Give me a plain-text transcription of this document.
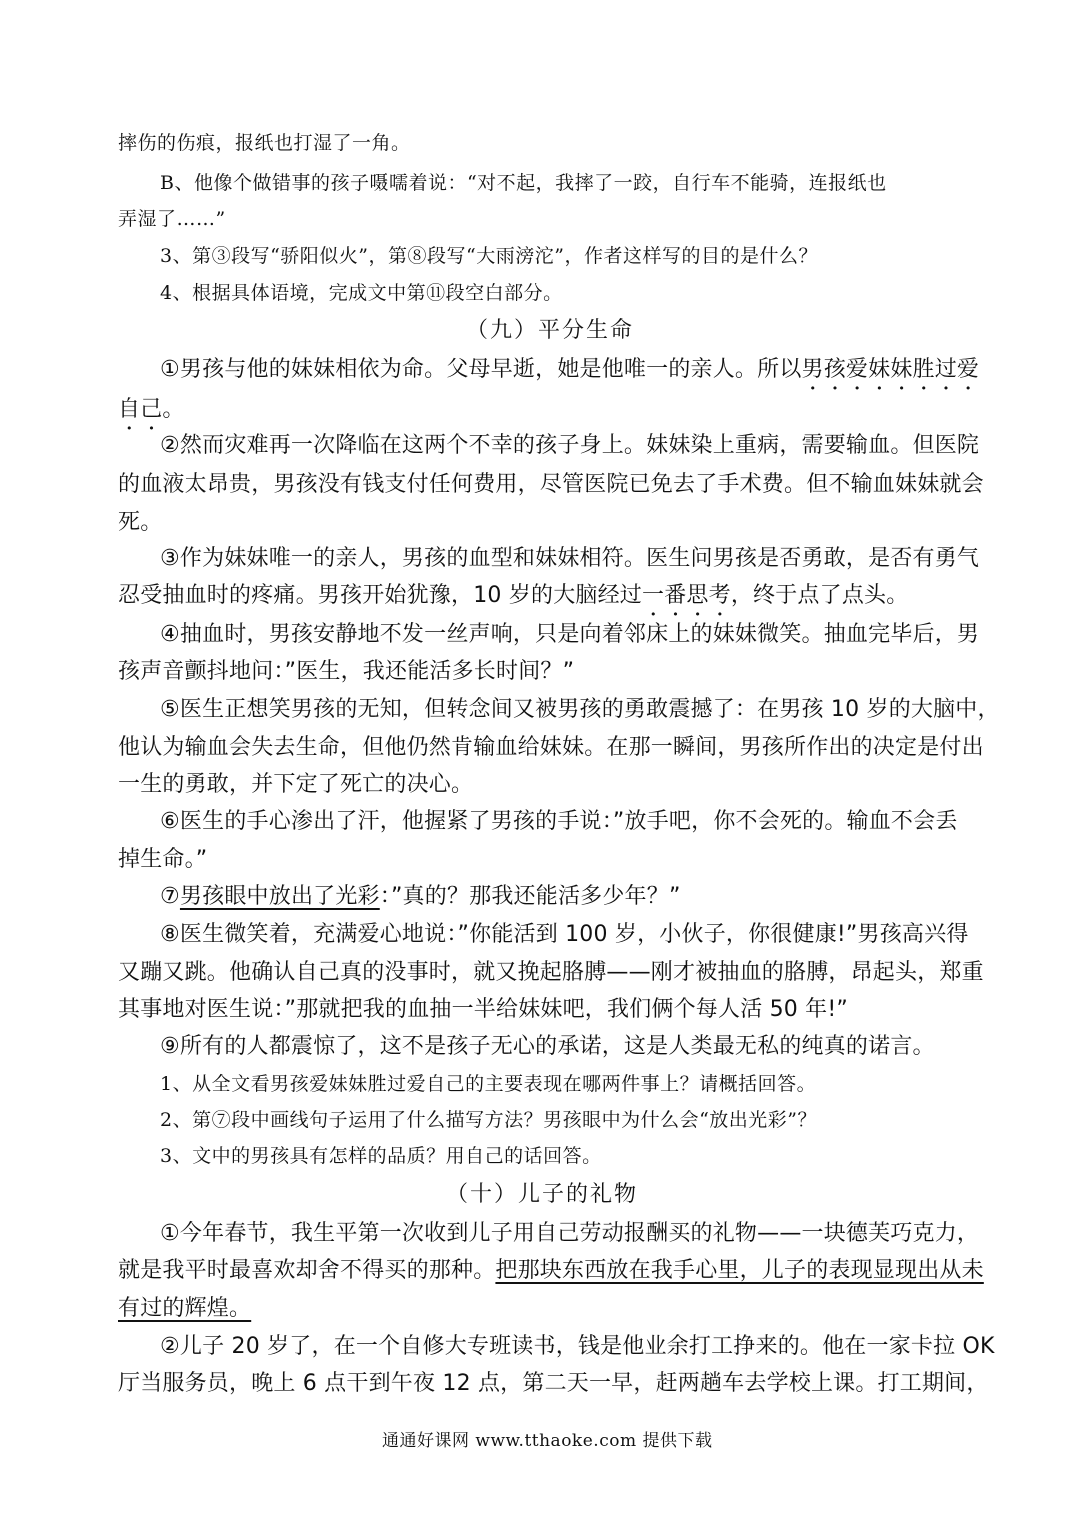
摔伤的伤痕，报纸也打湿了一角。
B、他像个做错事的孩子嗫嚅着说：“对不起，我摔了一跤，自行车不能骑，连报纸也
弄湿了……”
3、第③段写“骄阳似火”，第⑧段写“大雨滂沱”，作者这样写的目的是什么？
4、根据具体语境，完成文中第⑪段空白部分。
（九）平分生命
①男孩与他的妹妹相依为命。父母早逝，她是他唯一的亲人。所以男孩爱妹妹胜过爱
自己。
②然而灾难再一次降临在这两个不幸的孩子身上。妹妹染上重病，需要输血。但医院
的血液太昂贵，男孩没有钱支付任何费用，尽管医院已免去了手术费。但不输血妹妹就会
死。
③作为妹妹唯一的亲人，男孩的血型和妹妹相符。医生问男孩是否勇敢，是否有勇气
忍受抽血时的疼痛。男孩开始犹豫，10 岁的大脑经过一番思考，终于点了点头。
④抽血时，男孩安静地不发一丝声响，只是向着邻床上的妹妹微笑。抽血完毕后，男
孩声音颤抖地问：”医生，我还能活多长时间？”
⑤医生正想笑男孩的无知，但转念间又被男孩的勇敢震撼了：在男孩 10 岁的大脑中，
他认为输血会失去生命，但他仍然肯输血给妹妹。在那一瞬间，男孩所作出的决定是付出
一生的勇敢，并下定了死亡的决心。
⑥医生的手心渗出了汗，他握紧了男孩的手说：”放手吧，你不会死的。输血不会丢
掉生命。”
⑦男孩眼中放出了光彩：”真的？那我还能活多少年？”
⑧医生微笑着，充满爱心地说：”你能活到 100 岁，小伙子，你很健康!”男孩高兴得
又蹦又跳。他确认自己真的没事时，就又挽起胳膊——刚才被抽血的胳膊，昂起头，郑重
其事地对医生说：”那就把我的血抽一半给妹妹吧，我们俩个每人活 50 年!”
⑨所有的人都震惊了，这不是孩子无心的承诺，这是人类最无私的纯真的诺言。
1、从全文看男孩爱妹妹胜过爱自己的主要表现在哪两件事上？请概括回答。
2、第⑦段中画线句子运用了什么描写方法？男孩眼中为什么会“放出光彩”？
3、文中的男孩具有怎样的品质？用自己的话回答。
（十）儿子的礼物
①今年春节，我生平第一次收到儿子用自己劳动报酬买的礼物——一块德芙巧克力，
就是我平时最喜欢却舍不得买的那种。把那块东西放在我手心里，儿子的表现显现出从未
有过的辉煌。
②儿子 20 岁了，在一个自修大专班读书，钱是他业余打工挣来的。他在一家卡拉 OK
厅当服务员，晚上 6 点干到午夜 12 点，第二天一早，赶两趟车去学校上课。打工期间，
通通好课网 www.tthaoke.com 提供下载
